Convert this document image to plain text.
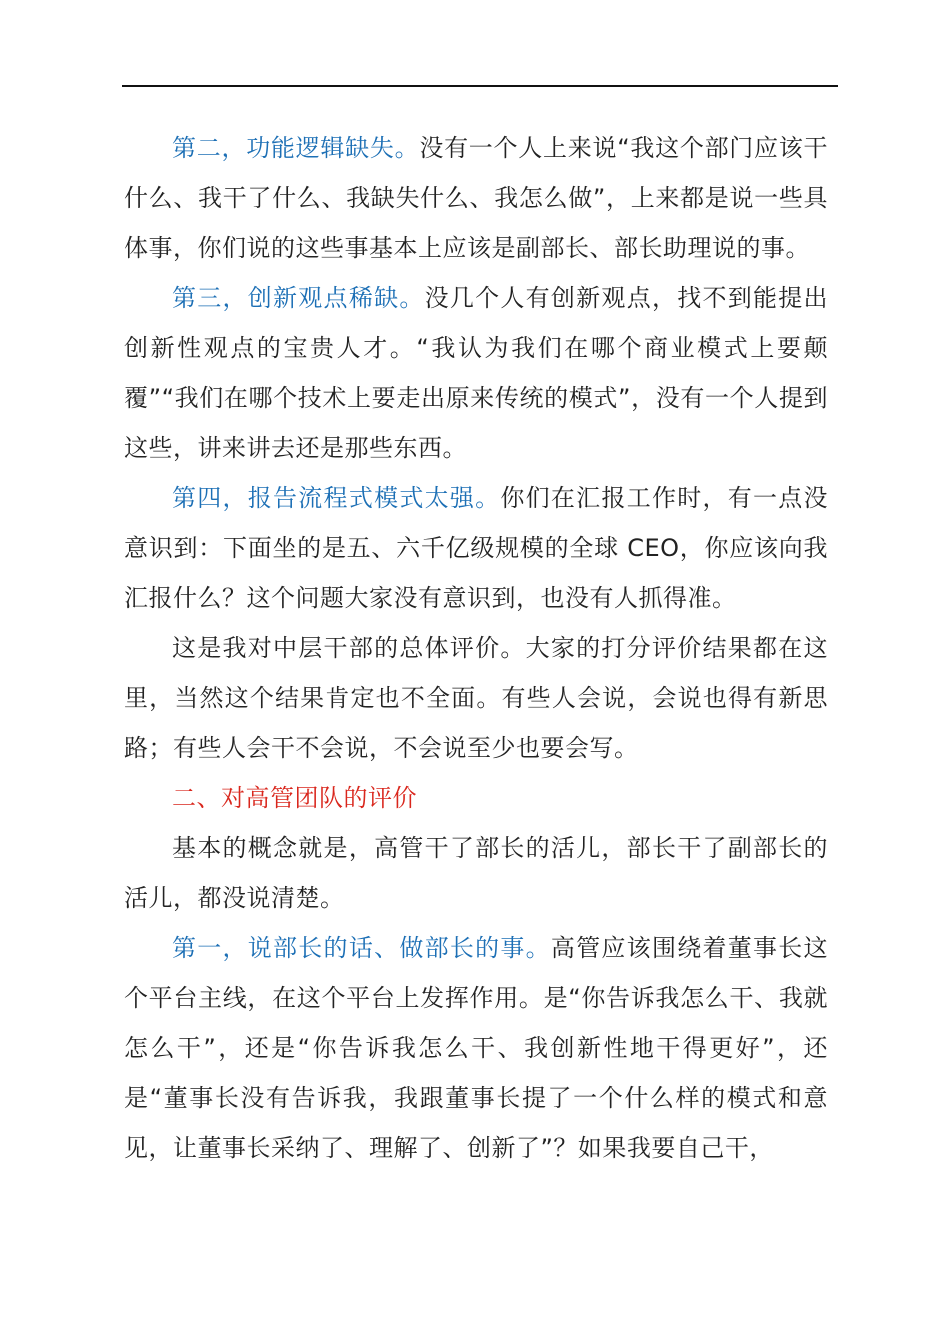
第二，功能逻辑缺失。没有一个人上来说“我这个部门应该干什么、我干了什么、我缺失什么、我怎么做”，上来都是说一些具体事，你们说的这些事基本上应该是副部长、部长助理说的事。

第三，创新观点稀缺。没几个人有创新观点，找不到能提出创新性观点的宝贵人才。“我认为我们在哪个商业模式上要颠覆”“我们在哪个技术上要走出原来传统的模式”，没有一个人提到这些，讲来讲去还是那些东西。

第四，报告流程式模式太强。你们在汇报工作时，有一点没意识到：下面坐的是五、六千亿级规模的全球 CEO，你应该向我汇报什么？这个问题大家没有意识到，也没有人抓得准。

这是我对中层干部的总体评价。大家的打分评价结果都在这里，当然这个结果肯定也不全面。有些人会说，会说也得有新思路；有些人会干不会说，不会说至少也要会写。

二、对高管团队的评价

基本的概念就是，高管干了部长的活儿，部长干了副部长的活儿，都没说清楚。

第一，说部长的话、做部长的事。高管应该围绕着董事长这个平台主线，在这个平台上发挥作用。是“你告诉我怎么干、我就怎么干”，还是“你告诉我怎么干、我创新性地干得更好”，还是“董事长没有告诉我，我跟董事长提了一个什么样的模式和意见，让董事长采纳了、理解了、创新了”？如果我要自己干，
